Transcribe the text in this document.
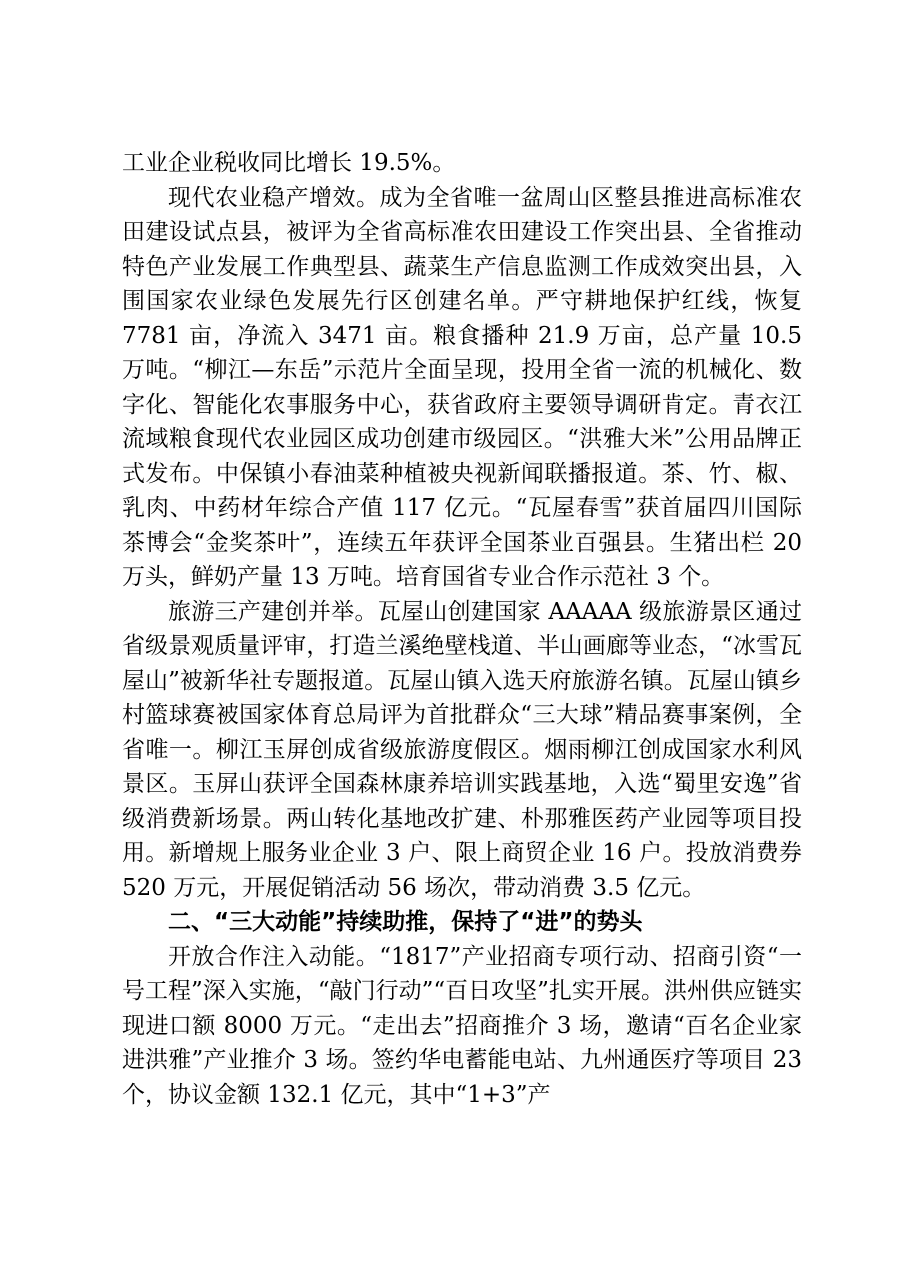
工业企业税收同比增长 19.5%。

现代农业稳产增效。成为全省唯一盆周山区整县推进高标准农田建设试点县，被评为全省高标准农田建设工作突出县、全省推动特色产业发展工作典型县、蔬菜生产信息监测工作成效突出县，入围国家农业绿色发展先行区创建名单。严守耕地保护红线，恢复 7781 亩，净流入 3471 亩。粮食播种 21.9 万亩，总产量 10.5 万吨。“柳江—东岳”示范片全面呈现，投用全省一流的机械化、数字化、智能化农事服务中心，获省政府主要领导调研肯定。青衣江流域粮食现代农业园区成功创建市级园区。“洪雅大米”公用品牌正式发布。中保镇小春油菜种植被央视新闻联播报道。茶、竹、椒、乳肉、中药材年综合产值 117 亿元。“瓦屋春雪”获首届四川国际茶博会“金奖茶叶”，连续五年获评全国茶业百强县。生猪出栏 20 万头，鲜奶产量 13 万吨。培育国省专业合作示范社 3 个。

旅游三产建创并举。瓦屋山创建国家 AAAAA 级旅游景区通过省级景观质量评审，打造兰溪绝壁栈道、半山画廊等业态，“冰雪瓦屋山”被新华社专题报道。瓦屋山镇入选天府旅游名镇。瓦屋山镇乡村篮球赛被国家体育总局评为首批群众“三大球”精品赛事案例，全省唯一。柳江玉屏创成省级旅游度假区。烟雨柳江创成国家水利风景区。玉屏山获评全国森林康养培训实践基地，入选“蜀里安逸”省级消费新场景。两山转化基地改扩建、朴那雅医药产业园等项目投用。新增规上服务业企业 3 户、限上商贸企业 16 户。投放消费券 520 万元，开展促销活动 56 场次，带动消费 3.5 亿元。

二、“三大动能”持续助推，保持了“进”的势头

开放合作注入动能。“1817”产业招商专项行动、招商引资“一号工程”深入实施，“敲门行动”“百日攻坚”扎实开展。洪州供应链实现进口额 8000 万元。“走出去”招商推介 3 场，邀请“百名企业家进洪雅”产业推介 3 场。签约华电蓄能电站、九州通医疗等项目 23 个，协议金额 132.1 亿元，其中“1+3”产
